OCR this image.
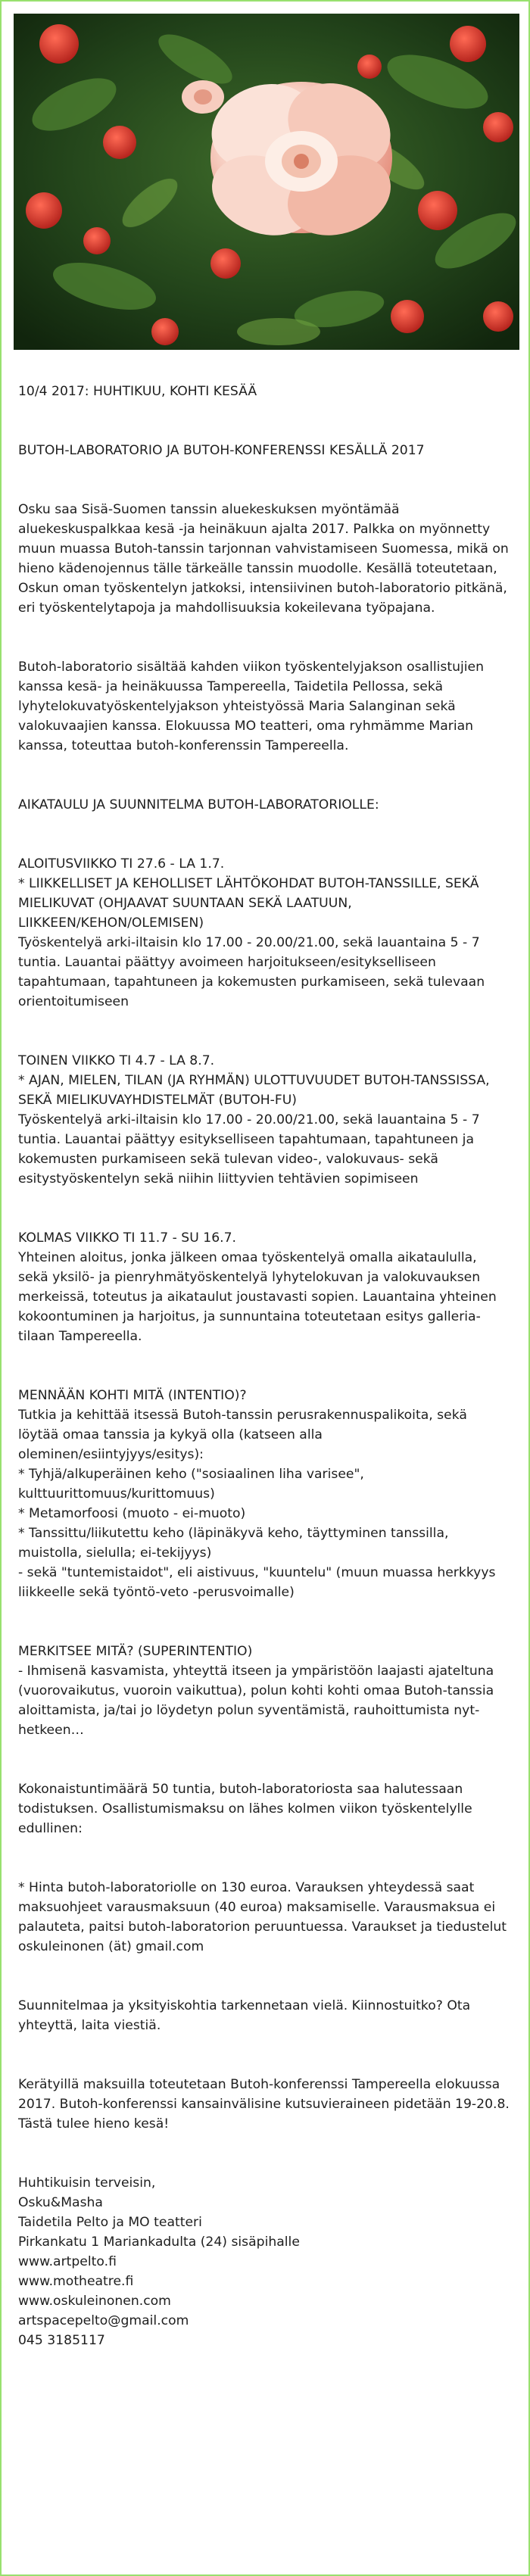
10/4 2017: HUHTIKUU, KOHTI KESÄÄ

BUTOH-LABORATORIO JA BUTOH-KONFERENSSI KESÄLLÄ 2017

Osku saa Sisä-Suomen tanssin aluekeskuksen myöntämää aluekeskuspalkkaa kesä -ja heinäkuun ajalta 2017. Palkka on myönnetty muun muassa Butoh-tanssin tarjonnan vahvistamiseen Suomessa, mikä on hieno kädenojennus tälle tärkeälle tanssin muodolle. Kesällä toteutetaan, Oskun oman työskentelyn jatkoksi, intensiivinen butoh-laboratorio pitkänä, eri työskentelytapoja ja mahdollisuuksia kokeilevana työpajana.

Butoh-laboratorio sisältää kahden viikon työskentelyjakson osallistujien kanssa kesä- ja heinäkuussa Tampereella, Taidetila Pellossa, sekä lyhytelokuvatyöskentelyjakson yhteistyössä Maria Salanginan sekä valokuvaajien kanssa. Elokuussa MO teatteri, oma ryhmämme Marian kanssa, toteuttaa butoh-konferenssin Tampereella.

AIKATAULU JA SUUNNITELMA BUTOH-LABORATORIOLLE:

ALOITUSVIIKKO TI 27.6 - LA 1.7.
* LIIKKELLISET JA KEHOLLISET LÄHTÖKOHDAT BUTOH-TANSSILLE, SEKÄ MIELIKUVAT (OHJAAVAT SUUNTAAN SEKÄ LAATUUN, LIIKKEEN/KEHON/OLEMISEN)
Työskentelyä arki-iltaisin klo 17.00 - 20.00/21.00, sekä lauantaina 5 - 7 tuntia. Lauantai päättyy avoimeen harjoitukseen/esitykselliseen tapahtumaan, tapahtuneen ja kokemusten purkamiseen, sekä tulevaan orientoitumiseen

TOINEN VIIKKO TI 4.7 - LA 8.7.
* AJAN, MIELEN, TILAN (JA RYHMÄN) ULOTTUVUUDET BUTOH-TANSSISSA, SEKÄ MIELIKUVAYHDISTELMÄT (BUTOH-FU)
Työskentelyä arki-iltaisin klo 17.00 - 20.00/21.00, sekä lauantaina 5 - 7 tuntia. Lauantai päättyy esitykselliseen tapahtumaan, tapahtuneen ja kokemusten purkamiseen sekä tulevan video-, valokuvaus- sekä esitystyöskentelyn sekä niihin liittyvien tehtävien sopimiseen

KOLMAS VIIKKO TI 11.7 - SU 16.7.
Yhteinen aloitus, jonka jälkeen omaa työskentelyä omalla aikataululla, sekä yksilö- ja pienryhmätyöskentelyä lyhytelokuvan ja valokuvauksen merkeissä, toteutus ja aikataulut joustavasti sopien. Lauantaina yhteinen kokoontuminen ja harjoitus, ja sunnuntaina toteutetaan esitys galleria-tilaan Tampereella.

MENNÄÄN KOHTI MITÄ (INTENTIO)?
Tutkia ja kehittää itsessä Butoh-tanssin perusrakennuspalikoita, sekä löytää omaa tanssia ja kykyä olla (katseen alla oleminen/esiintyjyys/esitys):
* Tyhjä/alkuperäinen keho ("sosiaalinen liha varisee", kulttuurittomuus/kurittomuus)
* Metamorfoosi (muoto - ei-muoto)
* Tanssittu/liikutettu keho (läpinäkyvä keho, täyttyminen tanssilla, muistolla, sielulla; ei-tekijyys)
- sekä "tuntemistaidot", eli aistivuus, "kuuntelu" (muun muassa herkkyys liikkeelle sekä työntö-veto -perusvoimalle)

MERKITSEE MITÄ? (SUPERINTENTIO)
- Ihmisenä kasvamista, yhteyttä itseen ja ympäristöön laajasti ajateltuna (vuorovaikutus, vuoroin vaikuttua), polun kohti kohti omaa Butoh-tanssia aloittamista, ja/tai jo löydetyn polun syventämistä, rauhoittumista nyt-hetkeen…

Kokonaistuntimäärä 50 tuntia, butoh-laboratoriosta saa halutessaan todistuksen. Osallistumismaksu on lähes kolmen viikon työskentelylle edullinen:

* Hinta butoh-laboratoriolle on 130 euroa. Varauksen yhteydessä saat maksuohjeet varausmaksuun (40 euroa) maksamiselle. Varausmaksua ei palauteta, paitsi butoh-laboratorion peruuntuessa. Varaukset ja tiedustelut oskuleinonen (ät) gmail.com

Suunnitelmaa ja yksityiskohtia tarkennetaan vielä. Kiinnostuitko? Ota yhteyttä, laita viestiä.

Kerätyillä maksuilla toteutetaan Butoh-konferenssi Tampereella elokuussa 2017. Butoh-konferenssi kansainvälisine kutsuvieraineen pidetään 19-20.8. Tästä tulee hieno kesä!

Huhtikuisin terveisin,
Osku&Masha
Taidetila Pelto ja MO teatteri
Pirkankatu 1 Mariankadulta (24) sisäpihalle
www.artpelto.fi
www.motheatre.fi
www.oskuleinonen.com
artspacepelto@gmail.com
045 3185117
